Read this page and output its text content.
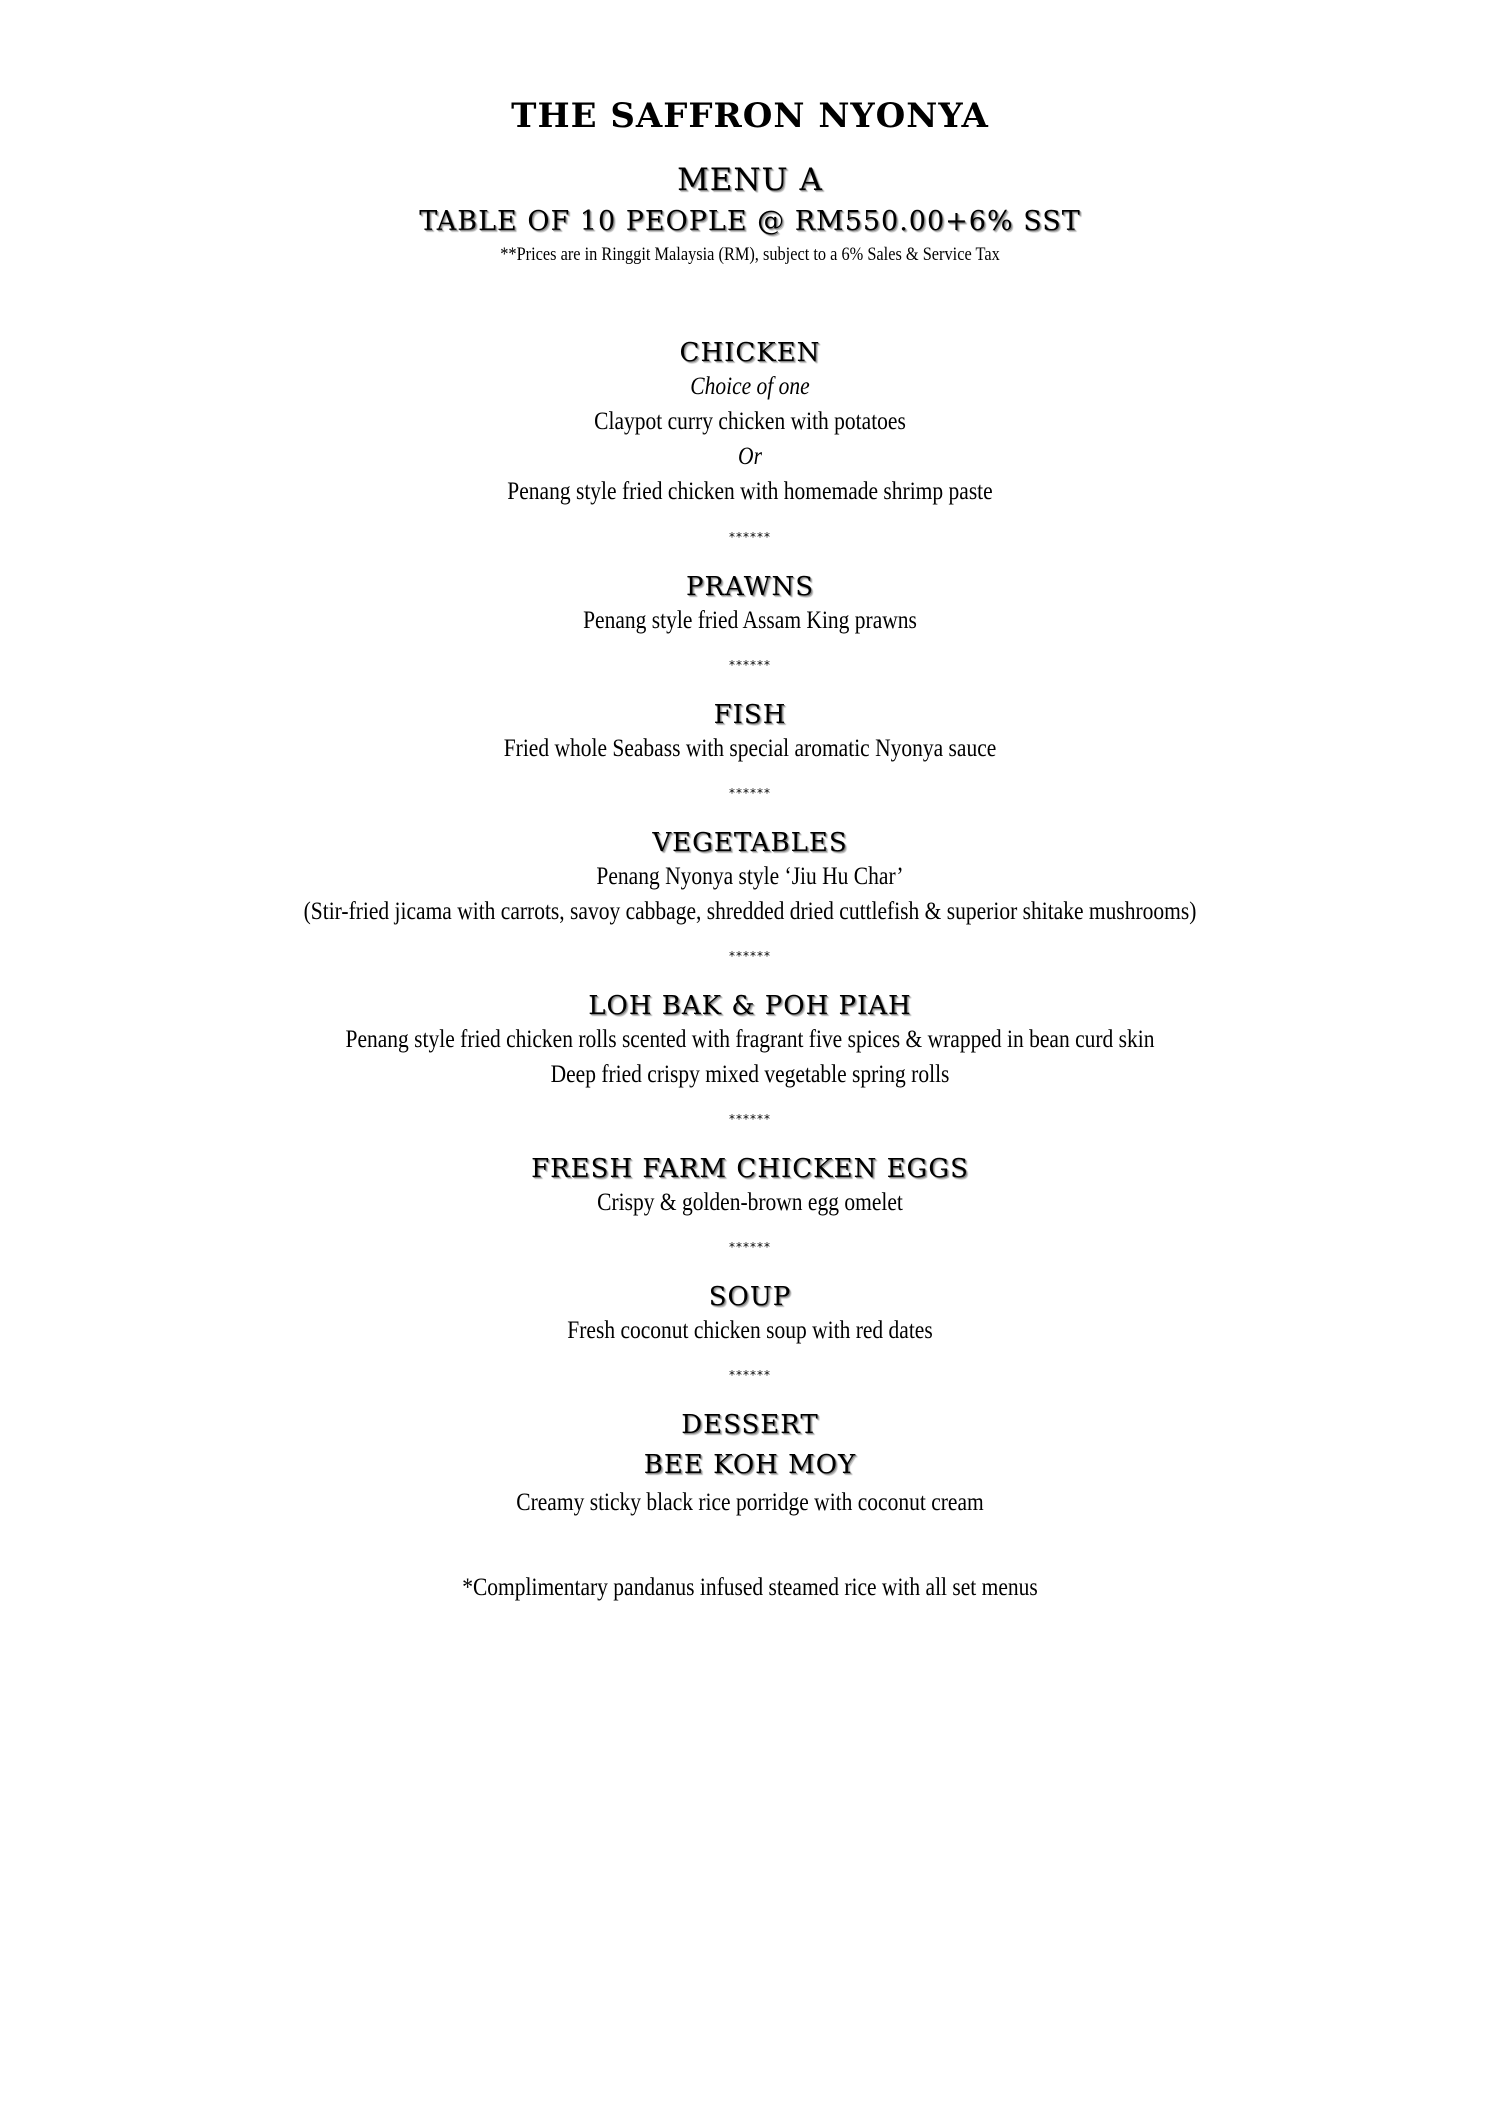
THE SAFFRON NYONYA
MENU A
TABLE OF 10 PEOPLE @ RM550.00+6% SST
**Prices are in Ringgit Malaysia (RM), subject to a 6% Sales & Service Tax
CHICKEN
Choice of one
Claypot curry chicken with potatoes
Or
Penang style fried chicken with homemade shrimp paste
******
PRAWNS
Penang style fried Assam King prawns
******
FISH
Fried whole Seabass with special aromatic Nyonya sauce
******
VEGETABLES
Penang Nyonya style ‘Jiu Hu Char’
(Stir-fried jicama with carrots, savoy cabbage, shredded dried cuttlefish & superior shitake mushrooms)
******
LOH BAK & POH PIAH
Penang style fried chicken rolls scented with fragrant five spices & wrapped in bean curd skin
Deep fried crispy mixed vegetable spring rolls
******
FRESH FARM CHICKEN EGGS
Crispy & golden-brown egg omelet
******
SOUP
Fresh coconut chicken soup with red dates
******
DESSERT
BEE KOH MOY
Creamy sticky black rice porridge with coconut cream
*Complimentary pandanus infused steamed rice with all set menus
